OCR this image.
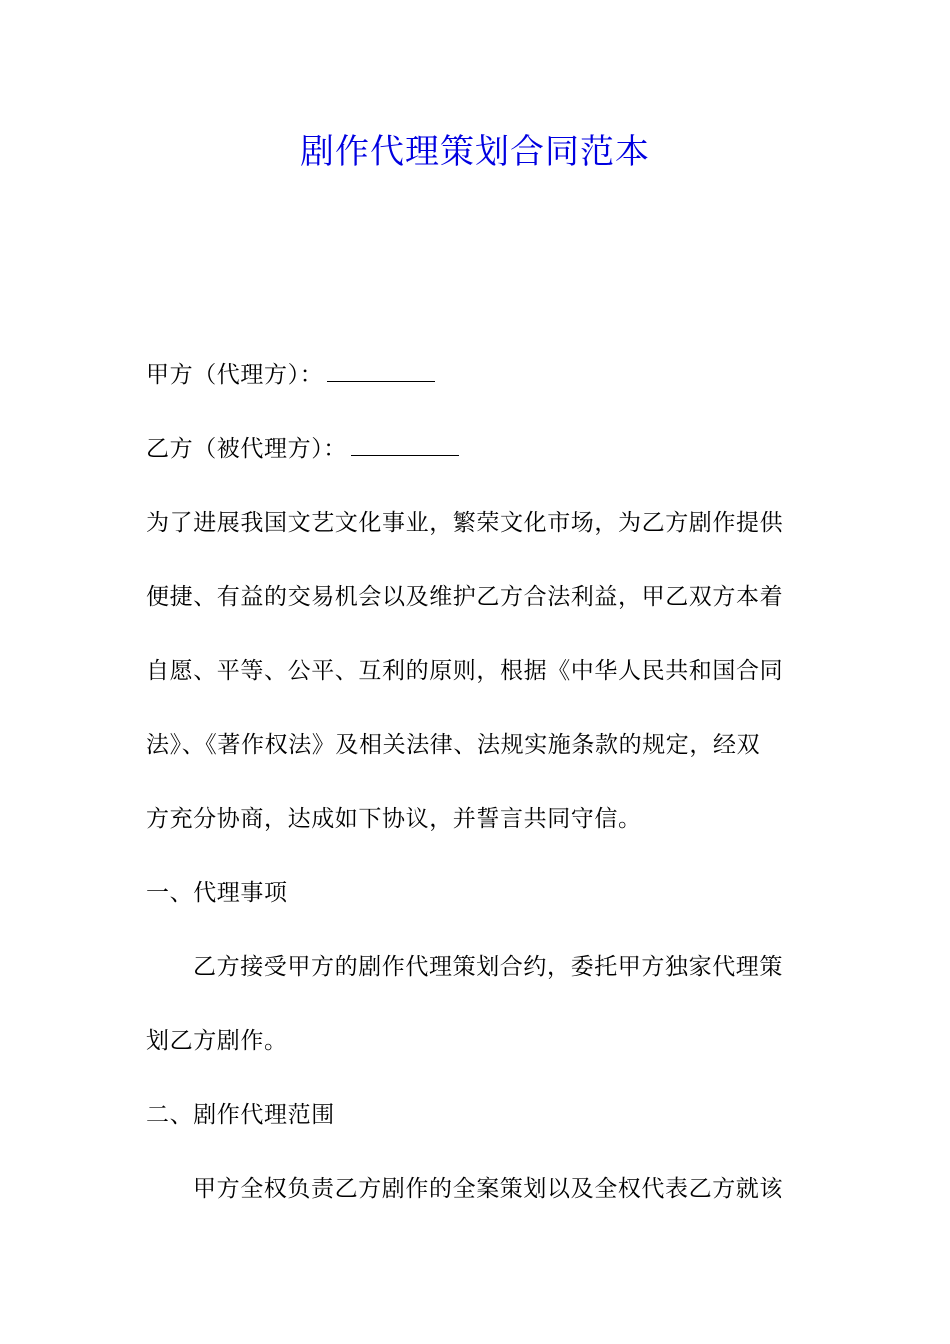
剧作代理策划合同范本
甲方（代理方）：
乙方（被代理方）：
为了进展我国文艺文化事业，繁荣文化市场，为乙方剧作提供
便捷、有益的交易机会以及维护乙方合法利益，甲乙双方本着
自愿、平等、公平、互利的原则，根据《中华人民共和国合同
法》、《著作权法》及相关法律、法规实施条款的规定，经双
方充分协商，达成如下协议，并誓言共同守信。
一、代理事项
乙方接受甲方的剧作代理策划合约，委托甲方独家代理策
划乙方剧作。
二、剧作代理范围
甲方全权负责乙方剧作的全案策划以及全权代表乙方就该
